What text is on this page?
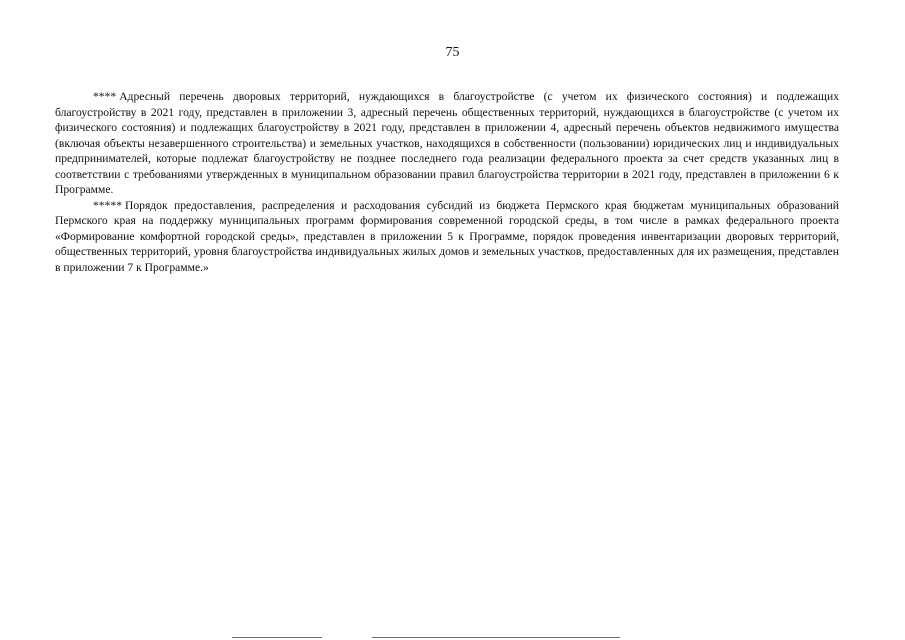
75

**** Адресный перечень дворовых территорий, нуждающихся в благоустройстве (с учетом их физического состояния) и подлежащих благоустройству в 2021 году, представлен в приложении 3, адресный перечень общественных территорий, нуждающихся в благоустройстве (с учетом их физического состояния) и подлежащих благоустройству в 2021 году, представлен в приложении 4, адресный перечень объектов недвижимого имущества (включая объекты незавершенного строительства) и земельных участков, находящихся в собственности (пользовании) юридических лиц и индивидуальных предпринимателей, которые подлежат благоустройству не позднее последнего года реализации федерального проекта за счет средств указанных лиц в соответствии с требованиями утвержденных в муниципальном образовании правил благоустройства территории в 2021 году, представлен в приложении 6 к Программе.

***** Порядок предоставления, распределения и расходования субсидий из бюджета Пермского края бюджетам муниципальных образований Пермского края на поддержку муниципальных программ формирования современной городской среды, в том числе в рамках федерального проекта «Формирование комфортной городской среды», представлен в приложении 5 к Программе, порядок проведения инвентаризации дворовых территорий, общественных территорий, уровня благоустройства индивидуальных жилых домов и земельных участков, предоставленных для их размещения, представлен в приложении 7 к Программе.»
